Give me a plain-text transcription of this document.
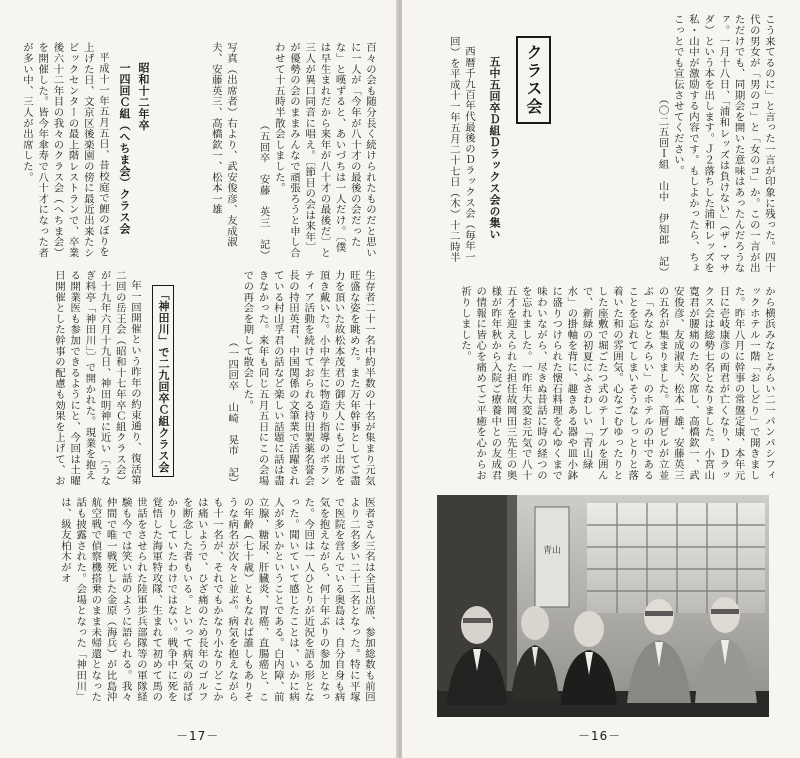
百々の会も随分長く続けられたものだと思いに一人が「今年が八十才の最後の会だったな」と嘆ずると、あいづちは一人だけ。〔僕は早生まれだから来年が八十才の最後だ〕と三人が異口同音に唱え。〔節目の会は来年〕が優勢の会のままみんなで頑張ろうと申し合わせて十五時半散会しました。

（五回卒　安藤　英三　記）

写真（出席者）右より、武安俊彦、友成淑夫、安藤英三、高橋欽一、松本一雄

昭和十二年卒
一四回Ｃ組（へちま会）クラス会

平成十一年五月五日、昔校庭で鯉のぼりを上げた日、文京区後楽園の傍に最近出来たシビックセンターの最上階レストランで、卒業後六十二年目の我々のクラス会（へちま会）を開催した。皆今年傘寿で八十才になった者が多い中、三人が出席した。

生存者二十一名中約半数の十名が集まり元気旺盛な姿を眺めた。また万年幹事としてご盡力を頂いた故松本茂君の御夫人にもご出席を頂き戴いた。小中学生に物造り指導のボランティア活動を続けておられる持田製薬名誉会長の持田英君、中国関係の文筆業で活躍されている村山孚君の話など楽しい話題に話は盡きなかった。来年も同じ五月五日にこの会場での再会を期して散会した。

（一四回卒　山崎　晃市　記）
「神田川」で二九回卒Ｃ組クラス会

年一回開催という昨年の約束通り、復活第二回の岳王会（昭和十七年卒Ｃ組クラス会）が十九年六月十九日、神田明神に近い〔うなぎ料亭「神田川」〕で開かれた。現業を抱える開業医も参加できるようにと、今回は土曜日開催とした幹事の配慮も効果を上げて、お

医者さん三名は全員出席、参加総数も前回より二名多い二十二名となった。特に平塚で医院を営んでいる奥島は、自分自身も病気を抱えながら、何十年ぶりの参加となった。今回は一人ひとりが近況を語る形となった。聞いていて感じたことは、いかに病人が多いかということである。白内障、前立腺、糖尿、肝臓炎、胃癌、直腸癌と、この年齢（七十歳）ともなれば誰しもありそうな病名が次々と並ぶ。病気を抱えながらも十一名が、それでもかなり小なりどこかは痛いようで、ひざ痛のため長年のゴルフを断念した者もいる。といって病気の話ばかりしていたわけではない。戦争中に死を覚悟した海軍特攻隊、生まれて初めて馬の世話をさせられた陸軍歩兵部隊等の軍隊経験も今では笑い話のように語られる。我々仲間で唯一戦死した金原（海兵）が比島沖航空戦で偵察機搭乗のまま未帰還となった話も披露された。会場となった「神田川」は、級友柏木がオ

－17－

こう来てるのに」と言った一言が印象に残った。四十代の男女が「男のコ」と「女のコ」か。この一言が出ただけでも、同期会を開いた意味はあったんだろうなァ。一月十八日、「浦和レッズは負けない」（ザ・マサダ）という本を出します。Ｊ２落ちした浦和レッズを私・山中が激励する内容です。もしよかったら、ちょこっとでも宣伝させてください。

（〇二五回Ｉ組　山中　伊知郎　記）
クラス会
五中五回卒Ｄ組Ｄラックス会の集い

西暦千九百年代最後のＤラックス会（毎年一回）を平成十一年五月二十七日（木）十二時半

から横浜みなとみらい二一パンパシフィックホテル一階「おしどり」で開きました。昨年八月に幹事の常盤定康、本年元日に壱岐康彦の両君が亡くなり、Ｄラックス会は総勢七名となりました。小宮山寛君が腰痛のため欠席し、高橋欽一、武安俊彦、友成淑夫、松本一雄、安藤英三の五名が集まりました。高層ビルが立並ぶ「みなとみらい」のホテルの中であることを忘れてしまいそうなしっとりと落着いた和の雰囲気。心なごむゆったりとした座敷で堀ごたつ式のテーブルを囲んで、新緑の初夏にふさわしい「青山緑水」の掛軸を背に、趣きある器や皿小鉢に盛りつけられた懐石料理を心ゆくまで味わいながら、尽きぬ昔話に時の経つのを忘れました。一昨年大変お元気で八十五才を迎えられた担任故岡田三先生の奥様が昨年秋から入院ご療養中との友成君の情報に皆心を痛めてご平癒を心からお祈りしました。

－16－
青山
